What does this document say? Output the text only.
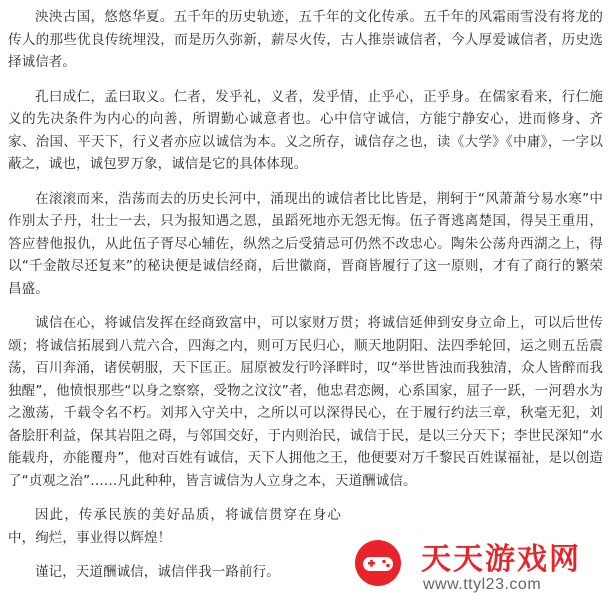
泱泱古国，悠悠华夏。五千年的历史轨迹，五千年的文化传承。五千年的风霜雨雪没有将龙的传人的那些优良传统埋没，而是历久弥新，薪尽火传，古人推崇诚信者，今人厚爱诚信者，历史选择诚信者。

孔曰成仁，孟曰取义。仁者，发乎礼，义者，发乎情，止乎心，正乎身。在儒家看来，行仁施义的先决条件为内心的向善，所谓勤心诚意者也。心中信守诚信，方能宁静安心，进而修身、齐家、治国、平天下，行义者亦应以诚信为本。义之所存，诚信存之也，读《大学》《中庸》，一字以蔽之，诚也，诚包罗万象，诚信是它的具体体现。

在滚滚而来，浩荡而去的历史长河中，涌现出的诚信者比比皆是，荆轲于“风萧萧兮易水寒”中作别太子丹，壮士一去，只为报知遇之恩，虽蹈死地亦无怨无悔。伍子胥逃离楚国，得吴王重用，答应替他报仇，从此伍子胥尽心辅佐，纵然之后受猜忌可仍然不改忠心。陶朱公荡舟西湖之上，得以“千金散尽还复来”的秘诀便是诚信经商，后世徽商，晋商皆履行了这一原则，才有了商行的繁荣昌盛。

诚信在心，将诚信发挥在经商致富中，可以家财万贯；将诚信延伸到安身立命上，可以后世传颂；将诚信拓展到八荒六合，四海之内，则可万民归心，顺天地阴阳、法四季轮回，运之则五岳震荡，百川奔涌，诸侯朝服，天下匡正。屈原被发行吟泽畔时，叹“举世皆浊而我独清，众人皆醉而我独醒”，他愤恨那些“以身之察察，受物之汶汶”者，他忠君恋阙，心系国家，屈子一跃，一河碧水为之激荡，千载令名不朽。刘邦入守关中，之所以可以深得民心，在于履行约法三章，秋毫无犯，刘备脍肝利益，保其岩阻之碍，与邻国交好，于内则治民，诚信于民，是以三分天下；李世民深知“水能载舟，亦能覆舟”，他对百姓有诚信，天下人拥他之王，他便要对万千黎民百姓谋福祉，是以创造了“贞观之治”……凡此种种，皆言诚信为人立身之本，天道酬诚信。

因此，传承民族的美好品质，将诚信贯穿在身心中，绚烂，事业得以辉煌！

谨记，天道酬诚信，诚信伴我一路前行。	天天游戏网
www.ttyl23.com
